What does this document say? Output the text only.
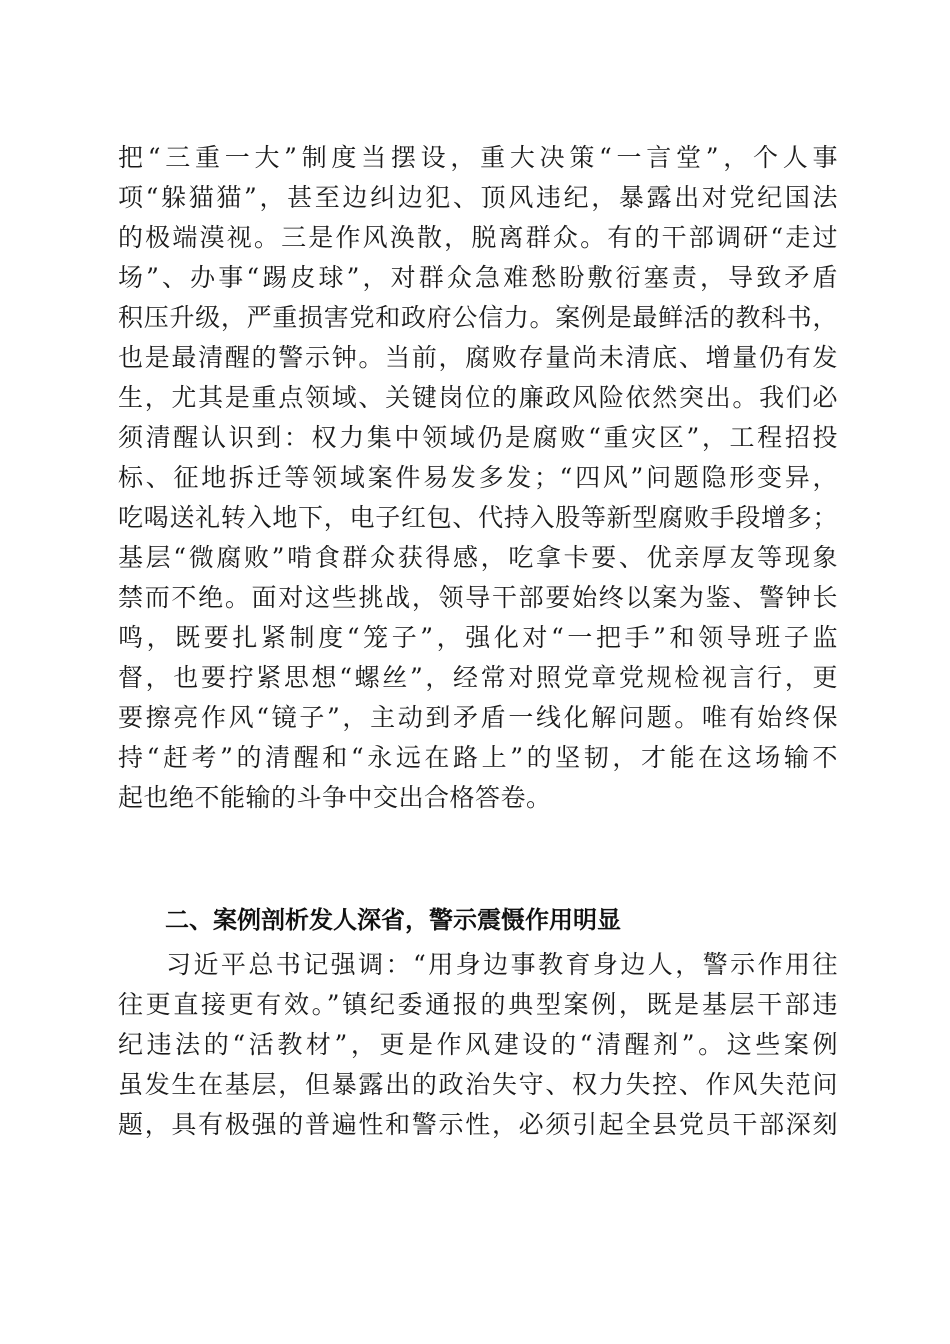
把“三重一大”制度当摆设，重大决策“一言堂”，个人事
项“躲猫猫”，甚至边纠边犯、顶风违纪，暴露出对党纪国法
的极端漠视。三是作风涣散，脱离群众。有的干部调研“走过
场”、办事“踢皮球”，对群众急难愁盼敷衍塞责，导致矛盾
积压升级，严重损害党和政府公信力。案例是最鲜活的教科书，
也是最清醒的警示钟。当前，腐败存量尚未清底、增量仍有发
生，尤其是重点领域、关键岗位的廉政风险依然突出。我们必
须清醒认识到：权力集中领域仍是腐败“重灾区”，工程招投
标、征地拆迁等领域案件易发多发；“四风”问题隐形变异，
吃喝送礼转入地下，电子红包、代持入股等新型腐败手段增多；
基层“微腐败”啃食群众获得感，吃拿卡要、优亲厚友等现象
禁而不绝。面对这些挑战，领导干部要始终以案为鉴、警钟长
鸣，既要扎紧制度“笼子”，强化对“一把手”和领导班子监
督，也要拧紧思想“螺丝”，经常对照党章党规检视言行，更
要擦亮作风“镜子”，主动到矛盾一线化解问题。唯有始终保
持“赶考”的清醒和“永远在路上”的坚韧，才能在这场输不
起也绝不能输的斗争中交出合格答卷。
二、案例剖析发人深省，警示震慑作用明显
习近平总书记强调：“用身边事教育身边人，警示作用往
往更直接更有效。”镇纪委通报的典型案例，既是基层干部违
纪违法的“活教材”，更是作风建设的“清醒剂”。这些案例
虽发生在基层，但暴露出的政治失守、权力失控、作风失范问
题，具有极强的普遍性和警示性，必须引起全县党员干部深刻
